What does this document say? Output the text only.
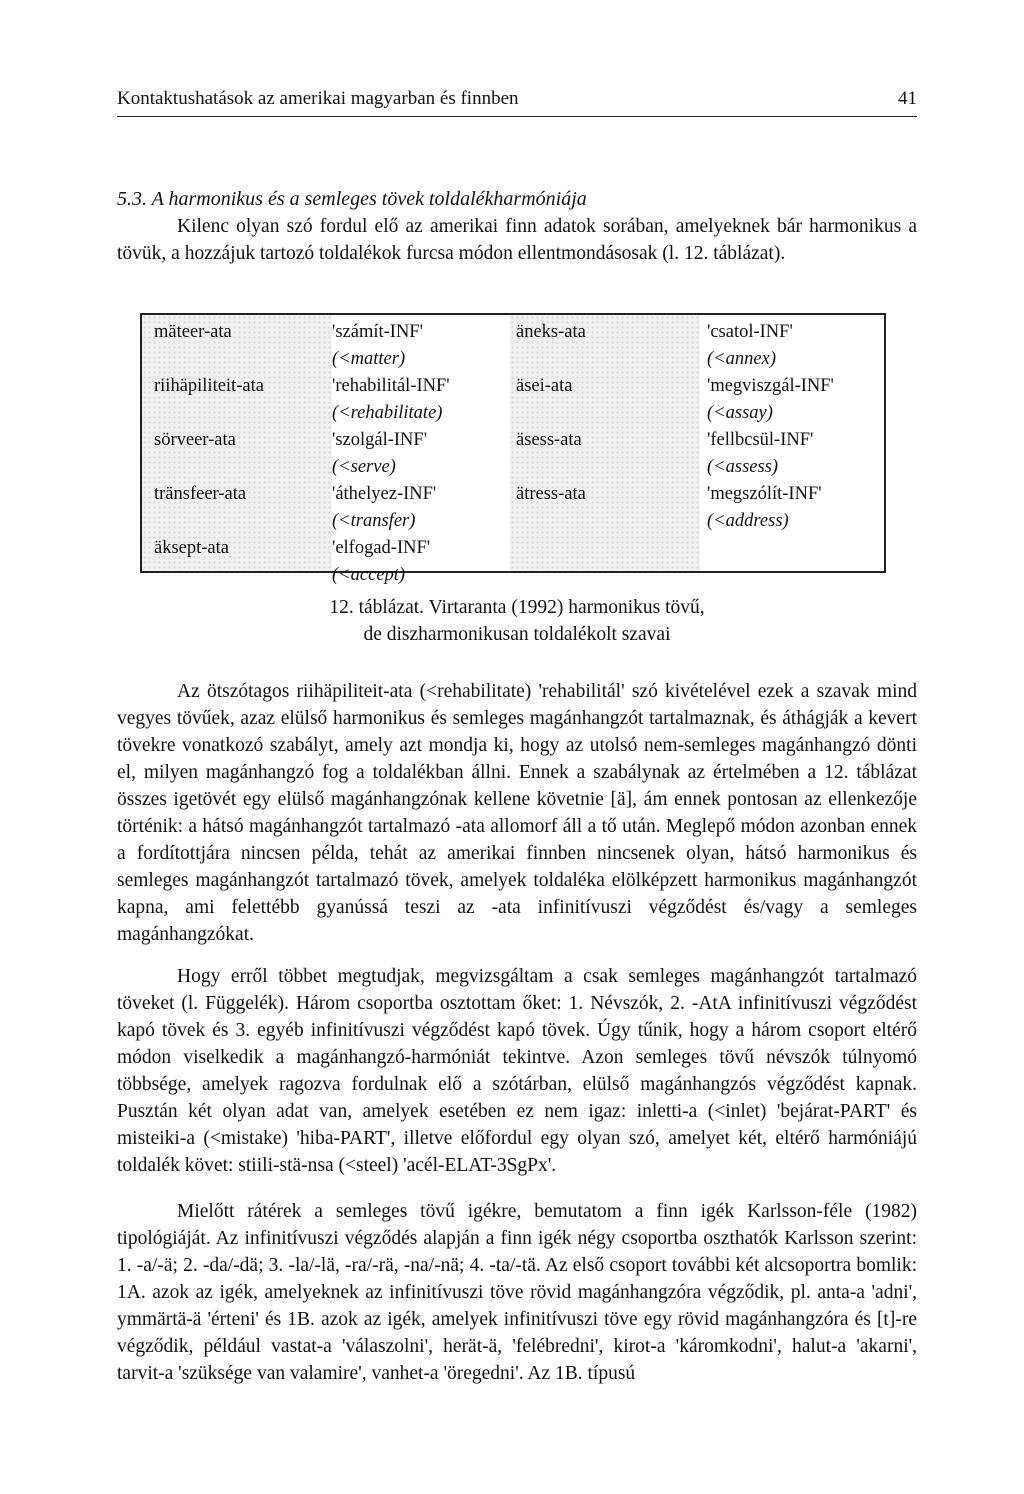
Kontaktushatások az amerikai magyarban és finnben	41
5.3. A harmonikus és a semleges tövek toldalékharmóniája

Kilenc olyan szó fordul elő az amerikai finn adatok sorában, amelyeknek bár harmonikus a tövük, a hozzájuk tartozó toldalékok furcsa módon ellentmondásosak (l. 12. táblázat).

mäteer-ata
riihäpiliteit-ata
sörveer-ata
tränsfeer-ata
äksept-ata
'számít-INF'
(<matter)
'rehabilitál-INF'
(<rehabilitate)
'szolgál-INF'
(<serve)
'áthelyez-INF'
(<transfer)
'elfogad-INF'
(<accept)
äneks-ata
äsei-ata
äsess-ata
ätress-ata
'csatol-INF'
(<annex)
'megviszgál-INF'
(<assay)
'fellbcsül-INF'
(<assess)
'megszólít-INF'
(<address)
12. táblázat. Virtaranta (1992) harmonikus tövű,
de diszharmonikusan toldalékolt szavai

Az ötszótagos riihäpiliteit-ata (<rehabilitate) 'rehabilitál' szó kivételével ezek a szavak mind vegyes tövűek, azaz elülső harmonikus és semleges magánhangzót tartalmaznak, és áthágják a kevert tövekre vonatkozó szabályt, amely azt mondja ki, hogy az utolsó nem-semleges magánhangzó dönti el, milyen magánhangzó fog a toldalékban állni. Ennek a szabálynak az értelmében a 12. táblázat összes igetövét egy elülső magánhangzónak kellene követnie [ä], ám ennek pontosan az ellenkezője történik: a hátsó magánhangzót tartalmazó -ata allomorf áll a tő után. Meglepő módon azonban ennek a fordítottjára nincsen példa, tehát az amerikai finnben nincsenek olyan, hátsó harmonikus és semleges magánhangzót tartalmazó tövek, amelyek toldaléka elölképzett harmonikus magánhangzót kapna, ami felettébb gyanússá teszi az -ata infinitívuszi végződést és/vagy a semleges magánhangzókat.

Hogy erről többet megtudjak, megvizsgáltam a csak semleges magánhangzót tartalmazó töveket (l. Függelék). Három csoportba osztottam őket: 1. Névszók, 2. -AtA infinitívuszi végződést kapó tövek és 3. egyéb infinitívuszi végződést kapó tövek. Úgy tűnik, hogy a három csoport eltérő módon viselkedik a magánhangzó-harmóniát tekintve. Azon semleges tövű névszók túlnyomó többsége, amelyek ragozva fordulnak elő a szótárban, elülső magánhangzós végződést kapnak. Pusztán két olyan adat van, amelyek esetében ez nem igaz: inletti-a (<inlet) 'bejárat-PART' és misteiki-a (<mistake) 'hiba-PART', illetve előfordul egy olyan szó, amelyet két, eltérő harmóniájú toldalék követ: stiili-stä-nsa (<steel) 'acél-ELAT-3SgPx'.

Mielőtt rátérek a semleges tövű igékre, bemutatom a finn igék Karlsson-féle (1982) tipológiáját. Az infinitívuszi végződés alapján a finn igék négy csoportba oszthatók Karlsson szerint: 1. -a/-ä; 2. -da/-dä; 3. -la/-lä, -ra/-rä, -na/-nä; 4. -ta/-tä. Az első csoport további két alcsoportra bomlik: 1A. azok az igék, amelyeknek az infinitívuszi töve rövid magánhangzóra végződik, pl. anta-a 'adni', ymmärtä-ä 'érteni' és 1B. azok az igék, amelyek infinitívuszi töve egy rövid magánhangzóra és [t]-re végződik, például vastat-a 'válaszolni', herät-ä, 'felébredni', kirot-a 'káromkodni', halut-a 'akarni', tarvit-a 'szüksége van valamire', vanhet-a 'öregedni'. Az 1B. típusú
